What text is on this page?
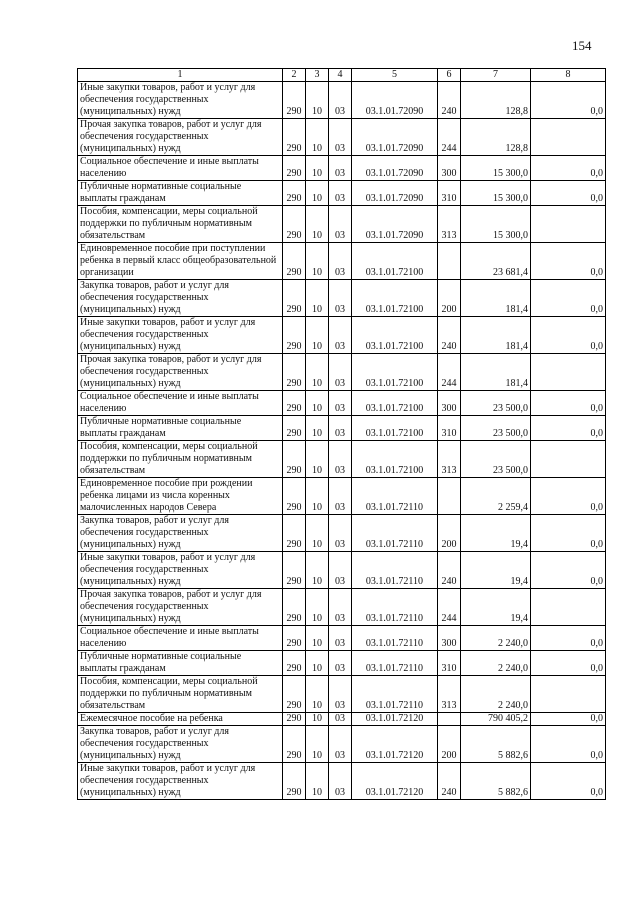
154
1	2	3	4	5	6	7	8
Иные закупки товаров, работ и услуг для обеспечения государственных (муниципальных) нужд	290	10	03	03.1.01.72090	240	128,8	0,0
Прочая закупка товаров, работ и услуг для обеспечения государственных (муниципальных) нужд	290	10	03	03.1.01.72090	244	128,8	
Социальное обеспечение и иные выплаты населению	290	10	03	03.1.01.72090	300	15 300,0	0,0
Публичные нормативные социальные выплаты гражданам	290	10	03	03.1.01.72090	310	15 300,0	0,0
Пособия, компенсации, меры социальной поддержки по публичным нормативным обязательствам	290	10	03	03.1.01.72090	313	15 300,0	
Единовременное пособие при поступлении ребенка в первый класс общеобразовательной организации	290	10	03	03.1.01.72100		23 681,4	0,0
Закупка товаров, работ и услуг для обеспечения государственных (муниципальных) нужд	290	10	03	03.1.01.72100	200	181,4	0,0
Иные закупки товаров, работ и услуг для обеспечения государственных (муниципальных) нужд	290	10	03	03.1.01.72100	240	181,4	0,0
Прочая закупка товаров, работ и услуг для обеспечения государственных (муниципальных) нужд	290	10	03	03.1.01.72100	244	181,4	
Социальное обеспечение и иные выплаты населению	290	10	03	03.1.01.72100	300	23 500,0	0,0
Публичные нормативные социальные выплаты гражданам	290	10	03	03.1.01.72100	310	23 500,0	0,0
Пособия, компенсации, меры социальной поддержки по публичным нормативным обязательствам	290	10	03	03.1.01.72100	313	23 500,0	
Единовременное пособие при рождении ребенка лицами из числа коренных малочисленных народов Севера	290	10	03	03.1.01.72110		2 259,4	0,0
Закупка товаров, работ и услуг для обеспечения государственных (муниципальных) нужд	290	10	03	03.1.01.72110	200	19,4	0,0
Иные закупки товаров, работ и услуг для обеспечения государственных (муниципальных) нужд	290	10	03	03.1.01.72110	240	19,4	0,0
Прочая закупка товаров, работ и услуг для обеспечения государственных (муниципальных) нужд	290	10	03	03.1.01.72110	244	19,4	
Социальное обеспечение и иные выплаты населению	290	10	03	03.1.01.72110	300	2 240,0	0,0
Публичные нормативные социальные выплаты гражданам	290	10	03	03.1.01.72110	310	2 240,0	0,0
Пособия, компенсации, меры социальной поддержки по публичным нормативным обязательствам	290	10	03	03.1.01.72110	313	2 240,0	
Ежемесячное пособие на ребенка	290	10	03	03.1.01.72120		790 405,2	0,0
Закупка товаров, работ и услуг для обеспечения государственных (муниципальных) нужд	290	10	03	03.1.01.72120	200	5 882,6	0,0
Иные закупки товаров, работ и услуг для обеспечения государственных (муниципальных) нужд	290	10	03	03.1.01.72120	240	5 882,6	0,0
